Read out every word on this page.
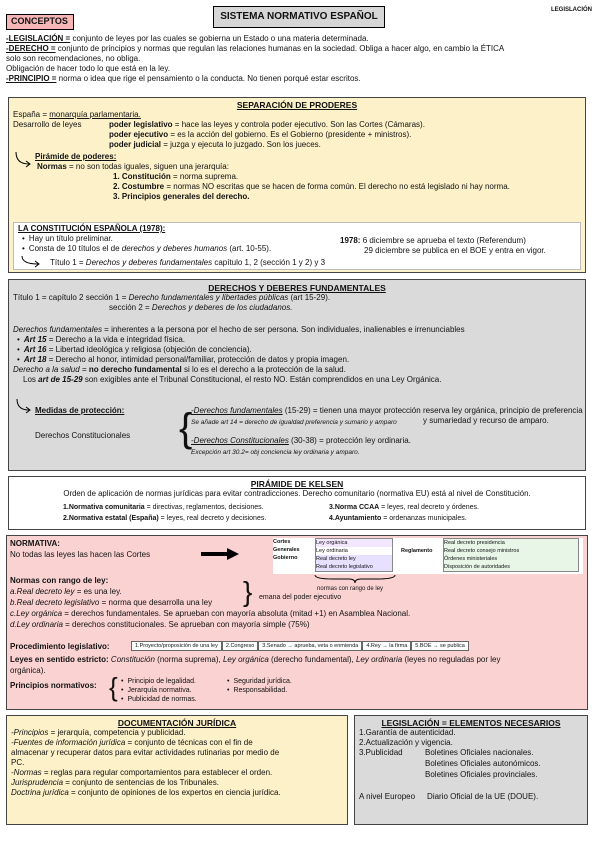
CONCEPTOS	SISTEMA NORMATIVO ESPAÑOL
LEGISLACIÓN
-LEGISLACIÓN = conjunto de leyes por las cuales se gobierna un Estado o una materia determinada.
-DERECHO = conjunto de principios y normas que regulan las relaciones humanas en la sociedad. Obliga a hacer algo, en cambio la ÉTICA
solo son recomendaciones, no obliga.
Obligación de hacer todo lo que está en la ley.
-PRINCIPIO = norma o idea que rige el pensamiento o la conducta. No tienen porqué estar escritos.
SEPARACIÓN DE PRODERES
España = monarquía parlamentaria.
Desarrollo de leyes	poder legislativo = hace las leyes y controla poder ejecutivo. Son las Cortes (Cámaras).
poder ejecutivo = es la acción del gobierno. Es el Gobierno (presidente + ministros).
poder judicial = juzga y ejecuta lo juzgado. Son los jueces.
Pirámide de poderes:
Normas = no son todas iguales, siguen una jerarquía:
1. Constitución = norma suprema.
2. Costumbre = normas NO escritas que se hacen de forma común. El derecho no está legislado ni hay norma.
3. Principios generales del derecho.
LA CONSTITUCIÓN ESPAÑOLA (1978):
• Hay un título preliminar.
• Consta de 10 títulos el de derechos y deberes humanos (art. 10-55).
Título 1 = Derechos y deberes fundamentales capítulo 1, 2 (sección 1 y 2) y 3
1978: 6 diciembre se aprueba el texto (Referendum)
29 diciembre se publica en el BOE y entra en vigor.
DERECHOS Y DEBERES FUNDAMENTALES
Título 1 = capítulo 2 sección 1 = Derecho fundamentales y libertades públicas (art 15-29).
sección 2 = Derechos y deberes de los ciudadanos.
Derechos fundamentales = inherentes a la persona por el hecho de ser persona. Son individuales, inalienables e irrenunciables
• Art 15 = Derecho a la vida e integridad física.
• Art 16 = Libertad ideológica y religiosa (objeción de conciencia).
• Art 18 = Derecho al honor, intimidad personal/familiar, protección de datos y propia imagen.
Derecho a la salud = no derecho fundamental si lo es el derecho a la protección de la salud.
Los art de 15-29 son exigibles ante el Tribunal Constitucional, el resto NO. Están comprendidos en una Ley Orgánica.
Medidas de protección:
Derechos Constitucionales {
-Derechos fundamentales (15-29) = tienen una mayor protección reserva ley orgánica, principio de preferencia y sumariedad y recurso de amparo.
Se añade art 14 = derecho de igualdad preferencia y sumario y amparo
-Derechos Constitucionales (30-38) = protección ley ordinaria.
Excepción art 30.2= obj conciencia ley ordinaria y amparo.
PIRÁMIDE DE KELSEN
Orden de aplicación de normas jurídicas para evitar contradicciones. Derecho comunitario (normativa EU) está al nivel de Constitución.
1.Normativa comunitaria = directivas, reglamentos, decisiones.
2.Normativa estatal (España) = leyes, real decreto y decisiones.
3.Norma CCAA = leyes, real decreto y órdenes.
4.Ayuntamiento = ordenanzas municipales.
NORMATIVA:
No todas las leyes las hacen las Cortes
Cortes
Generales
Gobierno
Ley orgánica
Ley ordinaria
Real decreto ley
Real decreto legislativo
Reglamento
Real decreto presidencia
Real decreto consejo ministros
Órdenes ministeriales
Disposición de autoridades
normas con rango de ley
Normas con rango de ley:
a.Real decreto ley = es una ley.
b.Real decreto legislativo = norma que desarrolla una ley } emana del poder ejecutivo
c.Ley orgánica = derechos fundamentales. Se aprueban con mayoría absoluta (mitad +1) en Asamblea Nacional.
d.Ley ordinaria = derechos constitucionales. Se aprueban con mayoría simple (75%)
Procedimiento legislativo:	1.Proyecto/proposición de una ley 2.Congreso 3.Senado → aprueba, veta o enmienda 4.Rey → la firma 5.BOE → se publica
Leyes en sentido estricto: Constitución (norma suprema), Ley orgánica (derecho fundamental), Ley ordinaria (leyes no reguladas por ley
orgánica).
Principios normativos: {
•	Principio de legalidad.
• Jerarquía normativa.
• Publicidad de normas.
• Seguridad jurídica.
• Responsabilidad.
DOCUMENTACIÓN JURÍDICA
-Principios = jerarquía, competencia y publicidad.
-Fuentes de información jurídica = conjunto de técnicas con el fin de
almacenar y recuperar datos para evitar actividades rutinarias por medio de
PC.
-Normas = reglas para regular comportamientos para establecer el orden.
Jurisprudencia = conjunto de sentencias de los Tribunales.
Doctrina jurídica = conjunto de opiniones de los expertos en ciencia jurídica.
LEGISLACIÓN = ELEMENTOS NECESARIOS
1.Garantía de autenticidad.
2.Actualización y vigencia.
3.Publicidad	Boletines Oficiales nacionales.
Boletines Oficiales autonómicos.
Boletines Oficiales provinciales.
A nivel Europeo Diario Oficial de la UE (DOUE).
